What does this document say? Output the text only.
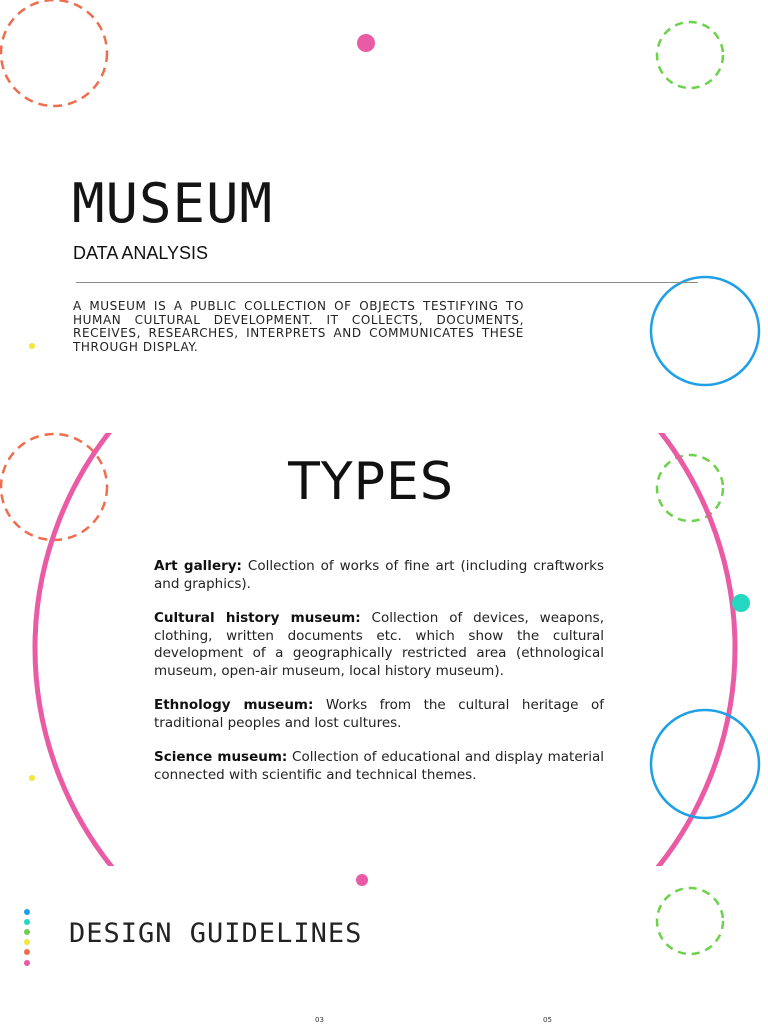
MUSEUM
DATA ANALYSIS

A MUSEUM IS A PUBLIC COLLECTION OF OBJECTS TESTIFYING TO HUMAN CULTURAL DEVELOPMENT. IT COLLECTS, DOCUMENTS, RECEIVES, RESEARCHES, INTERPRETS AND COMMUNICATES THESE THROUGH DISPLAY.

TYPES

Art gallery: Collection of works of fine art (including craftworks and graphics).

Cultural history museum: Collection of devices, weapons, clothing, written documents etc. which show the cultural development of a geographically restricted area (ethnological museum, open-air museum, local history museum).

Ethnology museum: Works from the cultural heritage of traditional peoples and lost cultures.

Science museum: Collection of educational and display material connected with scientific and technical themes.

DESIGN GUIDELINES
03	05
